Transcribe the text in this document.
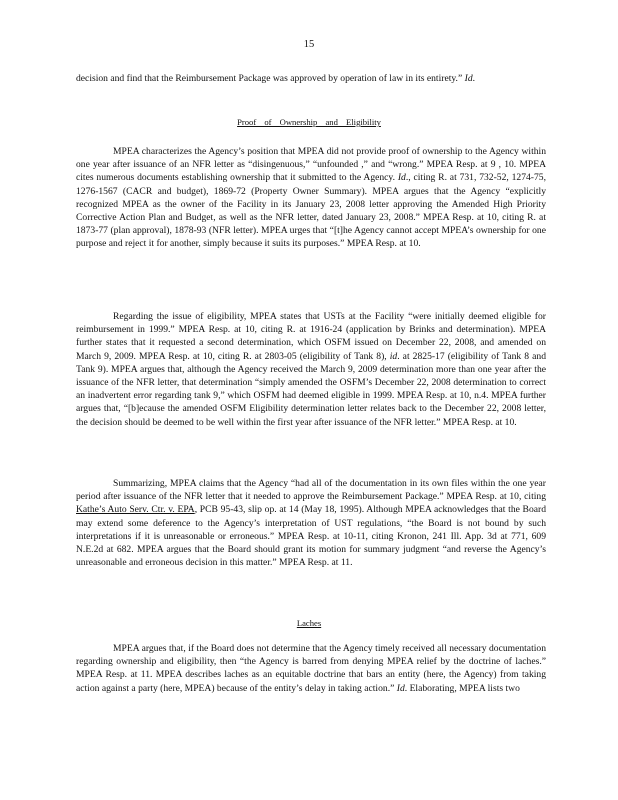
15

decision and find that the Reimbursement Package was approved by operation of law in its entirety.” Id.

Proof of Ownership and Eligibility

MPEA characterizes the Agency’s position that MPEA did not provide proof of ownership to the Agency within one year after issuance of an NFR letter as “disingenuous,” “unfounded ,” and “wrong.” MPEA Resp. at 9 , 10. MPEA cites numerous documents establishing ownership that it submitted to the Agency. Id., citing R. at 731, 732-52, 1274-75, 1276-1567 (CACR and budget), 1869-72 (Property Owner Summary). MPEA argues that the Agency “explicitly recognized MPEA as the owner of the Facility in its January 23, 2008 letter approving the Amended High Priority Corrective Action Plan and Budget, as well as the NFR letter, dated January 23, 2008.” MPEA Resp. at 10, citing R. at 1873-77 (plan approval), 1878-93 (NFR letter). MPEA urges that “[t]he Agency cannot accept MPEA’s ownership for one purpose and reject it for another, simply because it suits its purposes.” MPEA Resp. at 10.

Regarding the issue of eligibility, MPEA states that USTs at the Facility “were initially deemed eligible for reimbursement in 1999.” MPEA Resp. at 10, citing R. at 1916-24 (application by Brinks and determination). MPEA further states that it requested a second determination, which OSFM issued on December 22, 2008, and amended on March 9, 2009. MPEA Resp. at 10, citing R. at 2803-05 (eligibility of Tank 8), id. at 2825-17 (eligibility of Tank 8 and Tank 9). MPEA argues that, although the Agency received the March 9, 2009 determination more than one year after the issuance of the NFR letter, that determination “simply amended the OSFM’s December 22, 2008 determination to correct an inadvertent error regarding tank 9,” which OSFM had deemed eligible in 1999. MPEA Resp. at 10, n.4. MPEA further argues that, “[b]ecause the amended OSFM Eligibility determination letter relates back to the December 22, 2008 letter, the decision should be deemed to be well within the first year after issuance of the NFR letter.” MPEA Resp. at 10.

Summarizing, MPEA claims that the Agency “had all of the documentation in its own files within the one year period after issuance of the NFR letter that it needed to approve the Reimbursement Package.” MPEA Resp. at 10, citing Kathe’s Auto Serv. Ctr. v. EPA, PCB 95-43, slip op. at 14 (May 18, 1995). Although MPEA acknowledges that the Board may extend some deference to the Agency’s interpretation of UST regulations, “the Board is not bound by such interpretations if it is unreasonable or erroneous.” MPEA Resp. at 10-11, citing Kronon, 241 Ill. App. 3d at 771, 609 N.E.2d at 682. MPEA argues that the Board should grant its motion for summary judgment “and reverse the Agency’s unreasonable and erroneous decision in this matter.” MPEA Resp. at 11.

Laches

MPEA argues that, if the Board does not determine that the Agency timely received all necessary documentation regarding ownership and eligibility, then “the Agency is barred from denying MPEA relief by the doctrine of laches.” MPEA Resp. at 11. MPEA describes laches as an equitable doctrine that bars an entity (here, the Agency) from taking action against a party (here, MPEA) because of the entity’s delay in taking action.” Id. Elaborating, MPEA lists two
